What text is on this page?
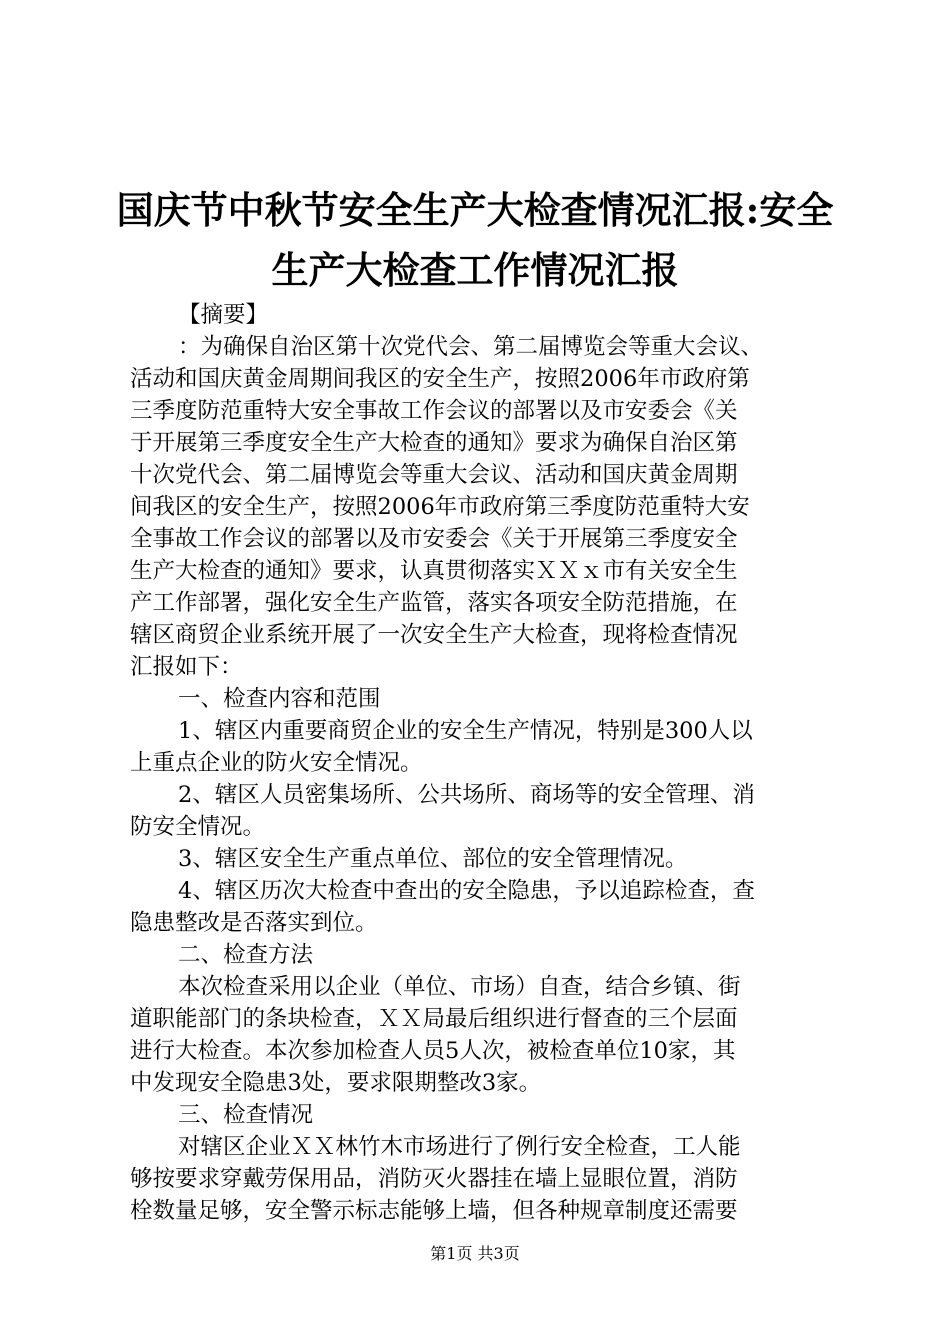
国庆节中秋节安全生产大检查情况汇报:安全
生产大检查工作情况汇报
【摘要】
：为确保自治区第十次党代会、第二届博览会等重大会议、
活动和国庆黄金周期间我区的安全生产，按照2006年市政府第
三季度防范重特大安全事故工作会议的部署以及市安委会《关
于开展第三季度安全生产大检查的通知》要求为确保自治区第
十次党代会、第二届博览会等重大会议、活动和国庆黄金周期
间我区的安全生产，按照2006年市政府第三季度防范重特大安
全事故工作会议的部署以及市安委会《关于开展第三季度安全
生产大检查的通知》要求，认真贯彻落实ＸＸｘ市有关安全生
产工作部署，强化安全生产监管，落实各项安全防范措施，在
辖区商贸企业系统开展了一次安全生产大检查，现将检查情况
汇报如下：
一、检查内容和范围
1、辖区内重要商贸企业的安全生产情况，特别是300人以
上重点企业的防火安全情况。
2、辖区人员密集场所、公共场所、商场等的安全管理、消
防安全情况。
3、辖区安全生产重点单位、部位的安全管理情况。
4、辖区历次大检查中查出的安全隐患，予以追踪检查，查
隐患整改是否落实到位。
二、检查方法
本次检查采用以企业（单位、市场）自查，结合乡镇、街
道职能部门的条块检查，ＸＸ局最后组织进行督查的三个层面
进行大检查。本次参加检查人员5人次，被检查单位10家，其
中发现安全隐患3处，要求限期整改3家。
三、检查情况
对辖区企业ＸＸ林竹木市场进行了例行安全检查，工人能
够按要求穿戴劳保用品，消防灭火器挂在墙上显眼位置，消防
栓数量足够，安全警示标志能够上墙，但各种规章制度还需要
第1页 共3页
